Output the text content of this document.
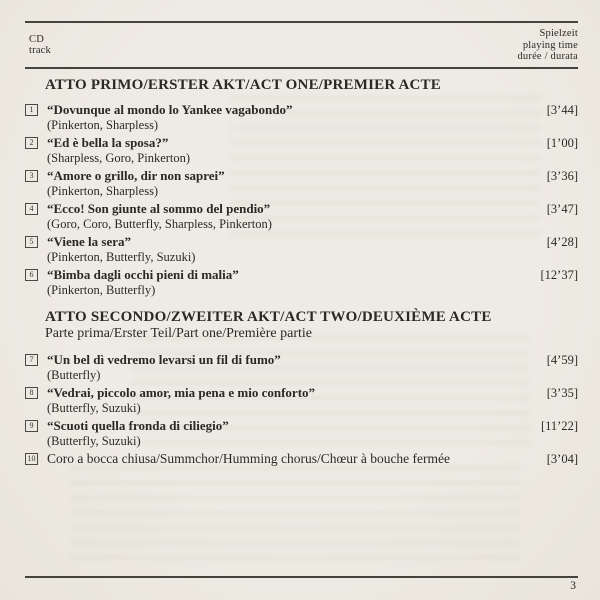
CD
track
Spielzeit
playing time
durée / durata
ATTO PRIMO/ERSTER AKT/ACT ONE/PREMIER ACTE
1	“Dovunque al mondo lo Yankee vagabondo”
(Pinkerton, Sharpless)
[3’44]
2	“Ed è bella la sposa?”
(Sharpless, Goro, Pinkerton)
[1’00]
3	“Amore o grillo, dir non saprei”
(Pinkerton, Sharpless)
[3’36]
4	“Ecco! Son giunte al sommo del pendio”
(Goro, Coro, Butterfly, Sharpless, Pinkerton)
[3’47]
5	“Viene la sera”
(Pinkerton, Butterfly, Suzuki)
[4’28]
6	“Bimba dagli occhi pieni di malia”
(Pinkerton, Butterfly)
[12’37]
ATTO SECONDO/ZWEITER AKT/ACT TWO/DEUXIÈME ACTE
Parte prima/Erster Teil/Part one/Première partie
7	“Un bel dì vedremo levarsi un fil di fumo”
(Butterfly)
[4’59]
8	“Vedrai, piccolo amor, mia pena e mio conforto”
(Butterfly, Suzuki)
[3’35]
9	“Scuoti quella fronda di ciliegio”
(Butterfly, Suzuki)
[11’22]
10 Coro a bocca chiusa/Summchor/Humming chorus/Chœur à bouche fermée	[3’04]
3
